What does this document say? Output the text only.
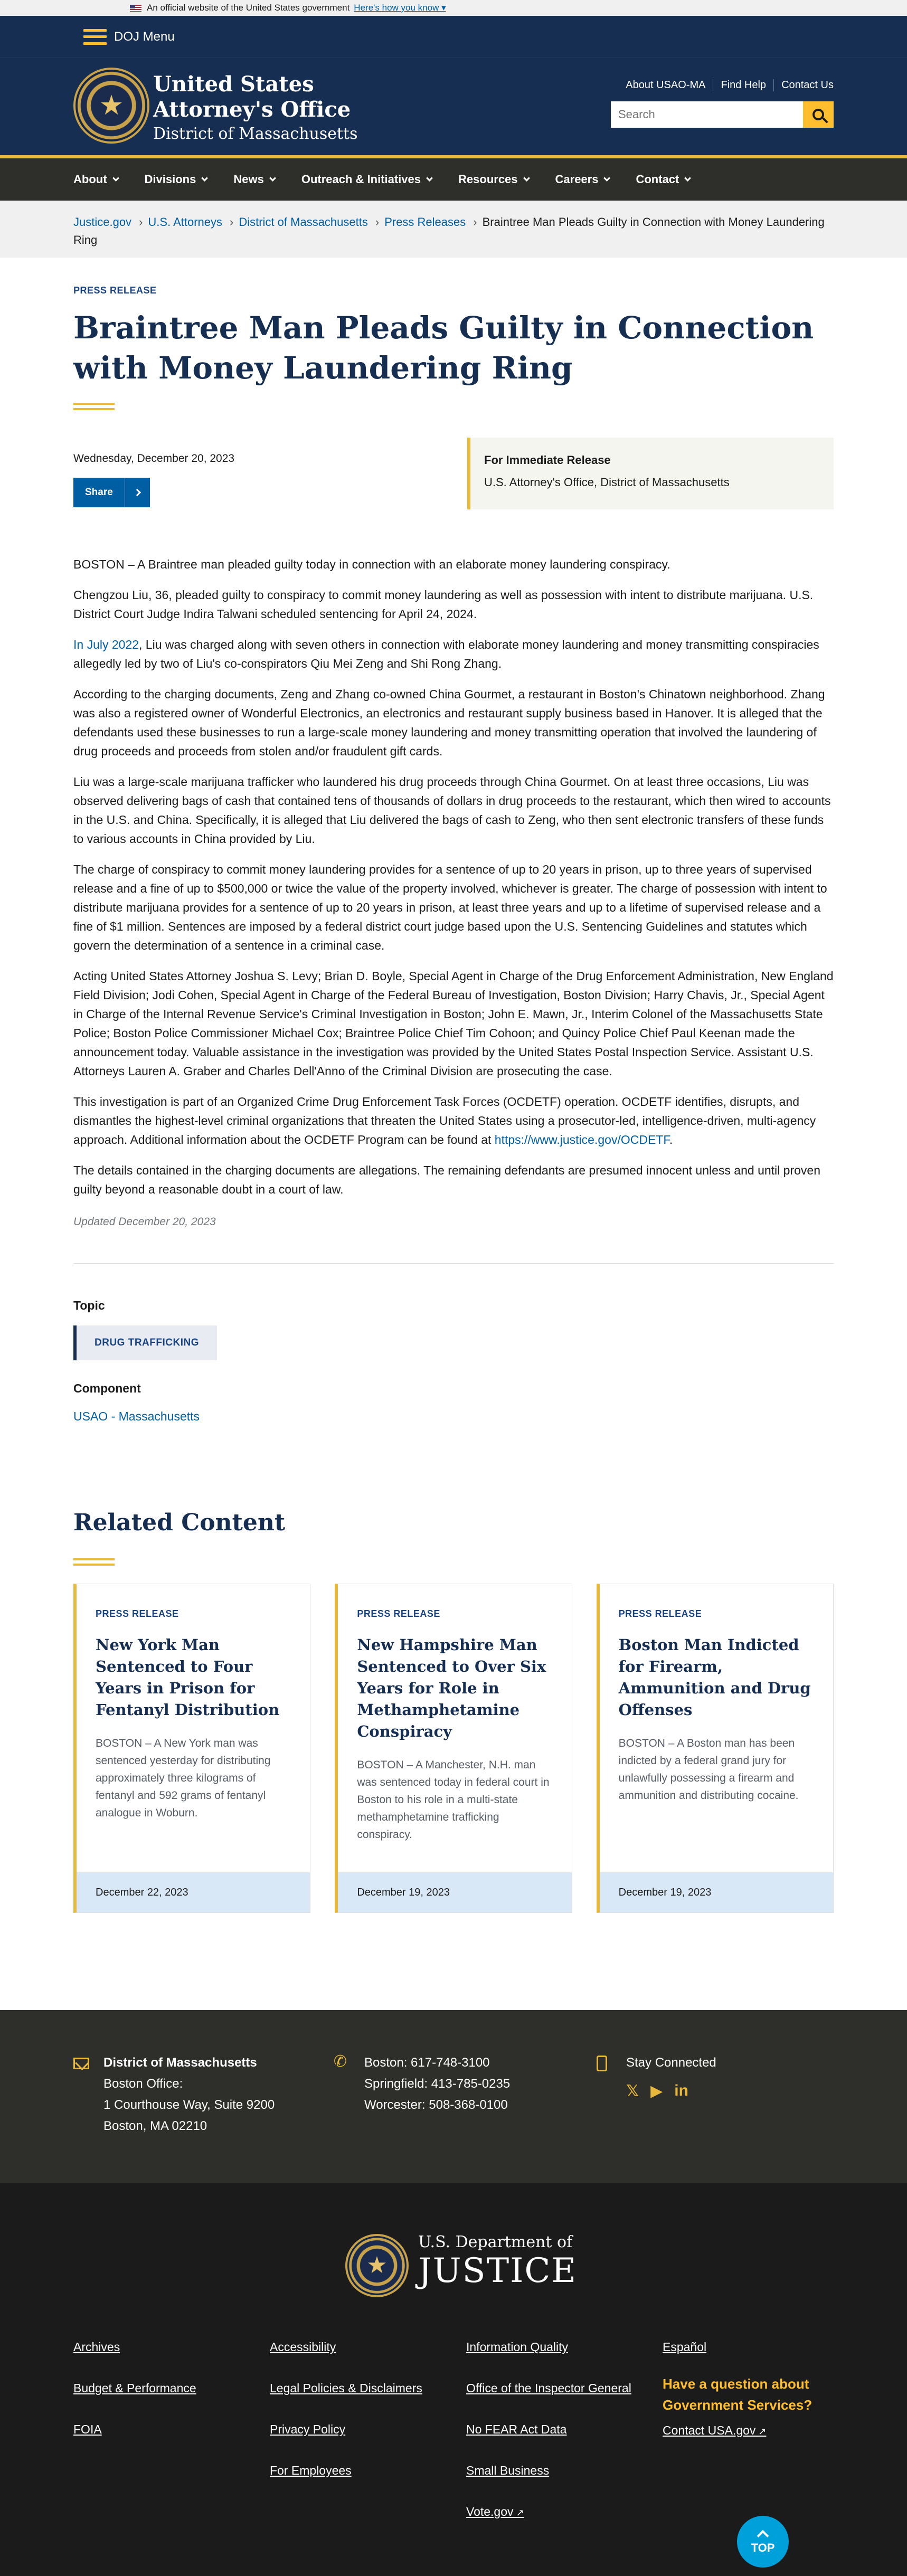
An official website of the United States government Here's how you know ▾
DOJ Menu
★
United States
Attorney's Office
District of Massachusetts
About USAO-MA	Find Help	Contact Us
Search
About	Divisions	News	Outreach & Initiatives	Resources	Careers	Contact
Justice.gov › U.S. Attorneys › District of Massachusetts › Press Releases › Braintree Man Pleads Guilty in Connection with Money Laundering Ring
PRESS RELEASE
Braintree Man Pleads Guilty in Connection with Money Laundering Ring
Wednesday, December 20, 2023
Share
For Immediate Release
U.S. Attorney's Office, District of Massachusetts

BOSTON – A Braintree man pleaded guilty today in connection with an elaborate money laundering conspiracy.

Chengzou Liu, 36, pleaded guilty to conspiracy to commit money laundering as well as possession with intent to distribute marijuana. U.S. District Court Judge Indira Talwani scheduled sentencing for April 24, 2024.

In July 2022, Liu was charged along with seven others in connection with elaborate money laundering and money transmitting conspiracies allegedly led by two of Liu's co-conspirators Qiu Mei Zeng and Shi Rong Zhang.

According to the charging documents, Zeng and Zhang co-owned China Gourmet, a restaurant in Boston's Chinatown neighborhood. Zhang was also a registered owner of Wonderful Electronics, an electronics and restaurant supply business based in Hanover. It is alleged that the defendants used these businesses to run a large-scale money laundering and money transmitting operation that involved the laundering of drug proceeds and proceeds from stolen and/or fraudulent gift cards.

Liu was a large-scale marijuana trafficker who laundered his drug proceeds through China Gourmet. On at least three occasions, Liu was observed delivering bags of cash that contained tens of thousands of dollars in drug proceeds to the restaurant, which then wired to accounts in the U.S. and China. Specifically, it is alleged that Liu delivered the bags of cash to Zeng, who then sent electronic transfers of these funds to various accounts in China provided by Liu.

The charge of conspiracy to commit money laundering provides for a sentence of up to 20 years in prison, up to three years of supervised release and a fine of up to $500,000 or twice the value of the property involved, whichever is greater. The charge of possession with intent to distribute marijuana provides for a sentence of up to 20 years in prison, at least three years and up to a lifetime of supervised release and a fine of $1 million. Sentences are imposed by a federal district court judge based upon the U.S. Sentencing Guidelines and statutes which govern the determination of a sentence in a criminal case.

Acting United States Attorney Joshua S. Levy; Brian D. Boyle, Special Agent in Charge of the Drug Enforcement Administration, New England Field Division; Jodi Cohen, Special Agent in Charge of the Federal Bureau of Investigation, Boston Division; Harry Chavis, Jr., Special Agent in Charge of the Internal Revenue Service's Criminal Investigation in Boston; John E. Mawn, Jr., Interim Colonel of the Massachusetts State Police; Boston Police Commissioner Michael Cox; Braintree Police Chief Tim Cohoon; and Quincy Police Chief Paul Keenan made the announcement today. Valuable assistance in the investigation was provided by the United States Postal Inspection Service. Assistant U.S. Attorneys Lauren A. Graber and Charles Dell'Anno of the Criminal Division are prosecuting the case.

This investigation is part of an Organized Crime Drug Enforcement Task Forces (OCDETF) operation. OCDETF identifies, disrupts, and dismantles the highest-level criminal organizations that threaten the United States using a prosecutor-led, intelligence-driven, multi-agency approach. Additional information about the OCDETF Program can be found at https://www.justice.gov/OCDETF.

The details contained in the charging documents are allegations. The remaining defendants are presumed innocent unless and until proven guilty beyond a reasonable doubt in a court of law.

Updated December 20, 2023
Topic
DRUG TRAFFICKING
Component
USAO - Massachusetts
Related Content
PRESS RELEASE
New York Man Sentenced to Four Years in Prison for Fentanyl Distribution
BOSTON – A New York man was sentenced yesterday for distributing approximately three kilograms of fentanyl and 592 grams of fentanyl analogue in Woburn.
December 22, 2023
PRESS RELEASE
New Hampshire Man Sentenced to Over Six Years for Role in Methamphetamine Conspiracy
BOSTON – A Manchester, N.H. man was sentenced today in federal court in Boston to his role in a multi-state methamphetamine trafficking conspiracy.
December 19, 2023
PRESS RELEASE
Boston Man Indicted for Firearm, Ammunition and Drug Offenses
BOSTON – A Boston man has been indicted by a federal grand jury for unlawfully possessing a firearm and ammunition and distributing cocaine.
December 19, 2023
District of Massachusetts
Boston Office:
1 Courthouse Way, Suite 9200
Boston, MA 02210
✆ Boston: 617-748-3100
Springfield: 413-785-0235
Worcester: 508-368-0100
Stay Connected
𝕏 ▶ in
★
U.S. Department of
JUSTICE
Archives
Budget & Performance
FOIA
Accessibility
Legal Policies & Disclaimers
Privacy Policy
For Employees
Information Quality
Office of the Inspector General
No FEAR Act Data
Small Business
Vote.gov ↗
Español
Have a question about Government Services?
Contact USA.gov ↗
TOP
